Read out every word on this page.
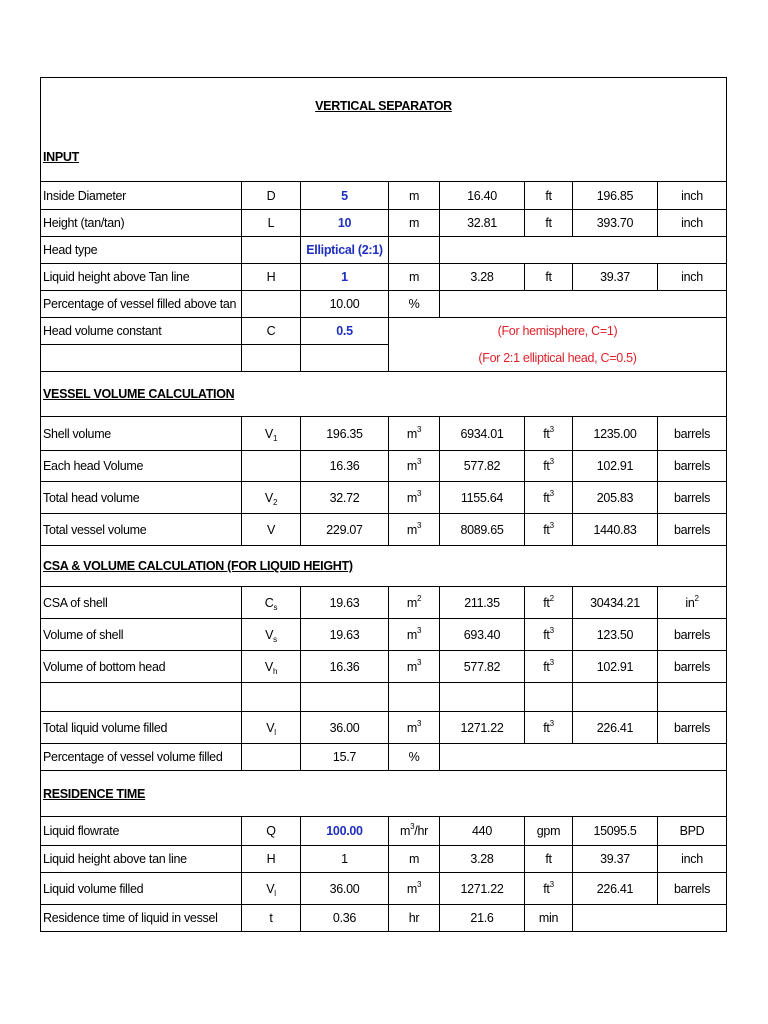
VERTICAL SEPARATOR							
INPUT							
Inside Diameter	D	5	m	16.40	ft	196.85	inch
Height (tan/tan)	L	10	m	32.81	ft	393.70	inch
Head type		Elliptical (2:1)					
Liquid height above Tan line	H	1	m	3.28	ft	39.37	inch
Percentage of vessel filled above tan		10.00	%				
Head volume constant	C	0.5	(For hemisphere, C=1)				
			(For 2:1 elliptical head, C=0.5)				
VESSEL VOLUME CALCULATION							
Shell volume	$V_1$	196.35	$m^3$	6934.01	$ft^3$	1235.00	barrels
Each head Volume		16.36	$m^3$	577.82	$ft^3$	102.91	barrels
Total head volume	$V_2$	32.72	$m^3$	1155.64	$ft^3$	205.83	barrels
Total vessel volume	V	229.07	$m^3$	8089.65	$ft^3$	1440.83	barrels
CSA & VOLUME CALCULATION (FOR LIQUID HEIGHT)							
CSA of shell	$C_s$	19.63	$m^2$	211.35	$ft^2$	30434.21	$in^2$
Volume of shell	$V_s$	19.63	$m^3$	693.40	$ft^3$	123.50	barrels
Volume of bottom head	$V_h$	16.36	$m^3$	577.82	$ft^3$	102.91	barrels

Total liquid volume filled	$V_l$	36.00	$m^3$	1271.22	$ft^3$	226.41	barrels
Percentage of vessel volume filled		15.7	%				
RESIDENCE TIME							
Liquid flowrate	Q	100.00	$m^3/hr$	440	gpm	15095.5	BPD
Liquid height above tan line	H	1	m	3.28	ft	39.37	inch
Liquid volume filled	$V_l$	36.00	$m^3$	1271.22	$ft^3$	226.41	barrels
Residence time of liquid in vessel	t	0.36	hr	21.6	min		
